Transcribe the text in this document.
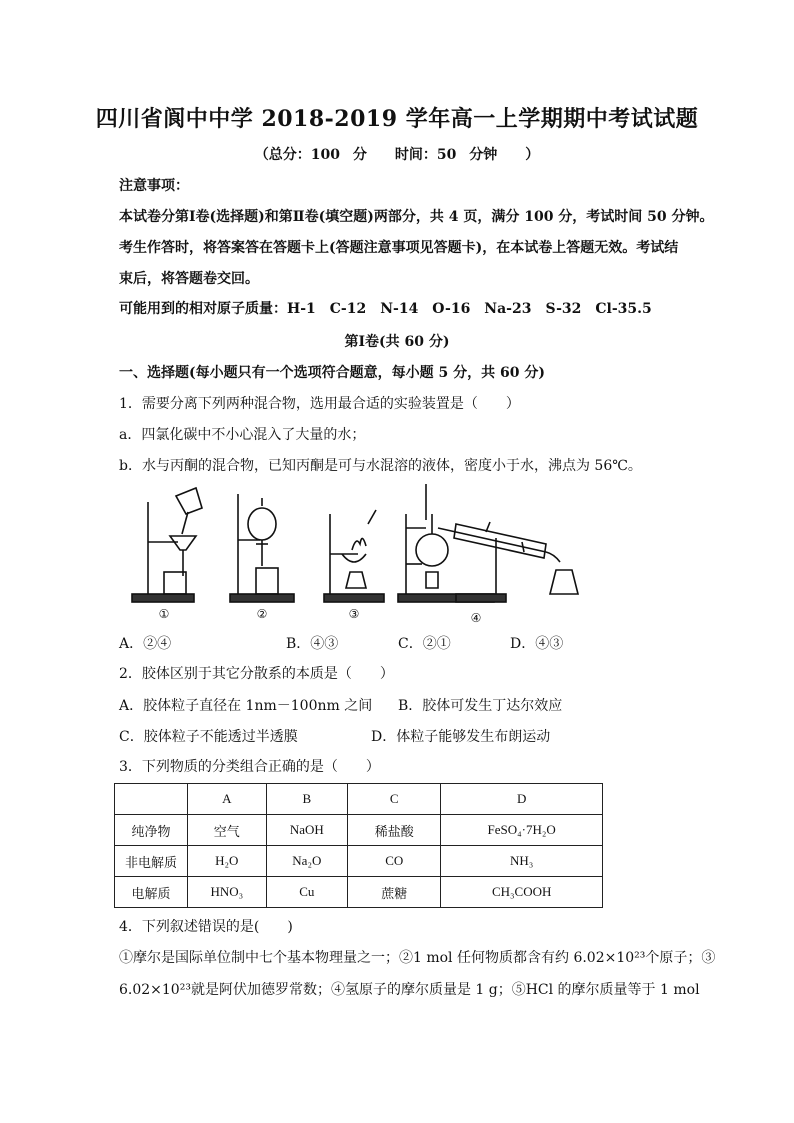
四川省阆中中学 2018-2019 学年高一上学期期中考试试题
（总分：100 分　　时间：50 分钟　　）
注意事项：
本试卷分第Ⅰ卷(选择题)和第Ⅱ卷(填空题)两部分，共 4 页，满分 100 分，考试时间 50 分钟。
考生作答时，将答案答在答题卡上(答题注意事项见答题卡)，在本试卷上答题无效。考试结
束后，将答题卷交回。
可能用到的相对原子质量：H-1　C-12　N-14　O-16　Na-23　S-32　Cl-35.5
第Ⅰ卷(共 60 分)
一、选择题(每小题只有一个选项符合题意，每小题 5 分，共 60 分)
1．需要分离下列两种混合物，选用最合适的实验装置是（　　）
a．四氯化碳中不小心混入了大量的水；
b．水与丙酮的混合物，已知丙酮是可与水混溶的液体，密度小于水，沸点为 56℃。
①	②	③	④
A．②④	B．④③	C．②①	D．④③
2．胶体区别于其它分散系的本质是（　　）
A．胶体粒子直径在 1nm－100nm 之间 B．胶体可发生丁达尔效应
C．胶体粒子不能透过半透膜	D．体粒子能够发生布朗运动
3．下列物质的分类组合正确的是（　　）
	A	B	C	D
纯净物	空气	NaOH	稀盐酸	FeSO₄·7H₂O
非电解质	H₂O	Na₂O	CO	NH₃
电解质	HNO₃	Cu	蔗糖	CH₃COOH
4．下列叙述错误的是(　　)
①摩尔是国际单位制中七个基本物理量之一；②1 mol 任何物质都含有约 6.02×10²³个原子；③
6.02×10²³就是阿伏加德罗常数；④氢原子的摩尔质量是 1 g；⑤HCl 的摩尔质量等于 1 mol
